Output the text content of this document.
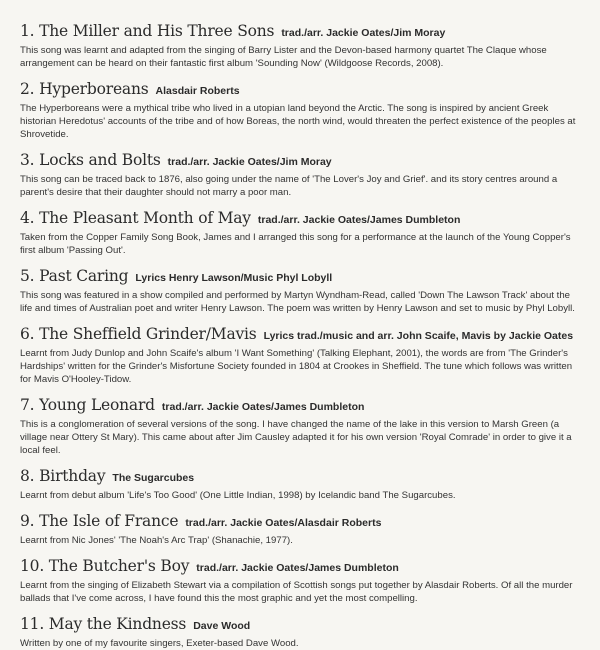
1. The Miller and His Three Sons trad./arr. Jackie Oates/Jim Moray
This song was learnt and adapted from the singing of Barry Lister and the Devon-based harmony quartet The Claque whose arrangement can be heard on their fantastic first album 'Sounding Now' (Wildgoose Records, 2008).
2. Hyperboreans Alasdair Roberts
The Hyperboreans were a mythical tribe who lived in a utopian land beyond the Arctic. The song is inspired by ancient Greek historian Heredotus' accounts of the tribe and of how Boreas, the north wind, would threaten the perfect existence of the peoples at Shrovetide.
3. Locks and Bolts trad./arr. Jackie Oates/Jim Moray
This song can be traced back to 1876, also going under the name of 'The Lover's Joy and Grief'. and its story centres around a parent's desire that their daughter should not marry a poor man.
4. The Pleasant Month of May trad./arr. Jackie Oates/James Dumbleton
Taken from the Copper Family Song Book, James and I arranged this song for a performance at the launch of the Young Copper's first album 'Passing Out'.
5. Past Caring Lyrics Henry Lawson/Music Phyl Lobyll
This song was featured in a show compiled and performed by Martyn Wyndham-Read, called 'Down The Lawson Track' about the life and times of Australian poet and writer Henry Lawson. The poem was written by Henry Lawson and set to music by Phyl Lobyll.
6. The Sheffield Grinder/Mavis Lyrics trad./music and arr. John Scaife, Mavis by Jackie Oates
Learnt from Judy Dunlop and John Scaife's album 'I Want Something' (Talking Elephant, 2001), the words are from 'The Grinder's Hardships' written for the Grinder's Misfortune Society founded in 1804 at Crookes in Sheffield. The tune which follows was written for Mavis O'Hooley-Tidow.
7. Young Leonard trad./arr. Jackie Oates/James Dumbleton
This is a conglomeration of several versions of the song. I have changed the name of the lake in this version to Marsh Green (a village near Ottery St Mary). This came about after Jim Causley adapted it for his own version 'Royal Comrade' in order to give it a local feel.
8. Birthday The Sugarcubes
Learnt from debut album 'Life's Too Good' (One Little Indian, 1998) by Icelandic band The Sugarcubes.
9. The Isle of France trad./arr. Jackie Oates/Alasdair Roberts
Learnt from Nic Jones' 'The Noah's Arc Trap' (Shanachie, 1977).
10. The Butcher's Boy trad./arr. Jackie Oates/James Dumbleton
Learnt from the singing of Elizabeth Stewart via a compilation of Scottish songs put together by Alasdair Roberts. Of all the murder ballads that I've come across, I have found this the most graphic and yet the most compelling.
11. May the Kindness Dave Wood
Written by one of my favourite singers, Exeter-based Dave Wood.
